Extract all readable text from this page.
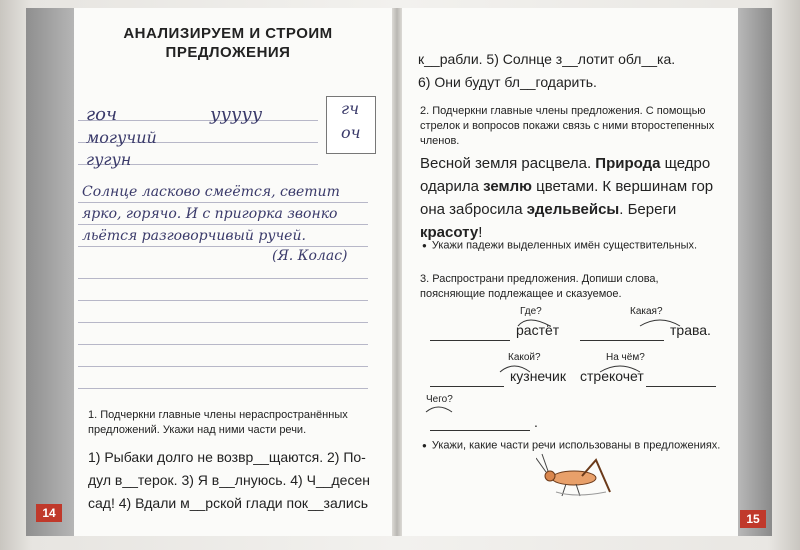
АНАЛИЗИРУЕМ И СТРОИМ
ПРЕДЛОЖЕНИЯ
гоч	ууууу	гч
оч
могучий
гугун
Солнце ласково смеётся, светит
ярко, горячо. И с пригорка звонко
льётся разговорчивый ручей.
(Я. Колас)
1. Подчеркни главные члены нераспространённых предложений. Укажи над ними части речи.
1) Рыбаки долго не возвр__щаются. 2) По-
дул в__терок. 3) Я в__лнуюсь. 4) Ч__десен
сад! 4) Вдали м__рской глади пок__зались
14
к__рабли. 5) Солнце з__лотит обл__ка.
6) Они будут бл__годарить.
2. Подчеркни главные члены предложения. С помощью стрелок и вопросов покажи связь с ними второстепенных членов.
Весной земля расцвела. Природа щедро одарила землю цветами. К вершинам гор она забросила эдельвейсы. Береги красоту!
● Укажи падежи выделенных имён существительных.
3. Распространи предложения. Допиши слова, поясняющие подлежащее и сказуемое.
Где?	Какая?
растёт	трава.
Какой?	На чём?
кузнечик стрекочет
Чего?
.
● Укажи, какие части речи использованы в предложениях.
15
